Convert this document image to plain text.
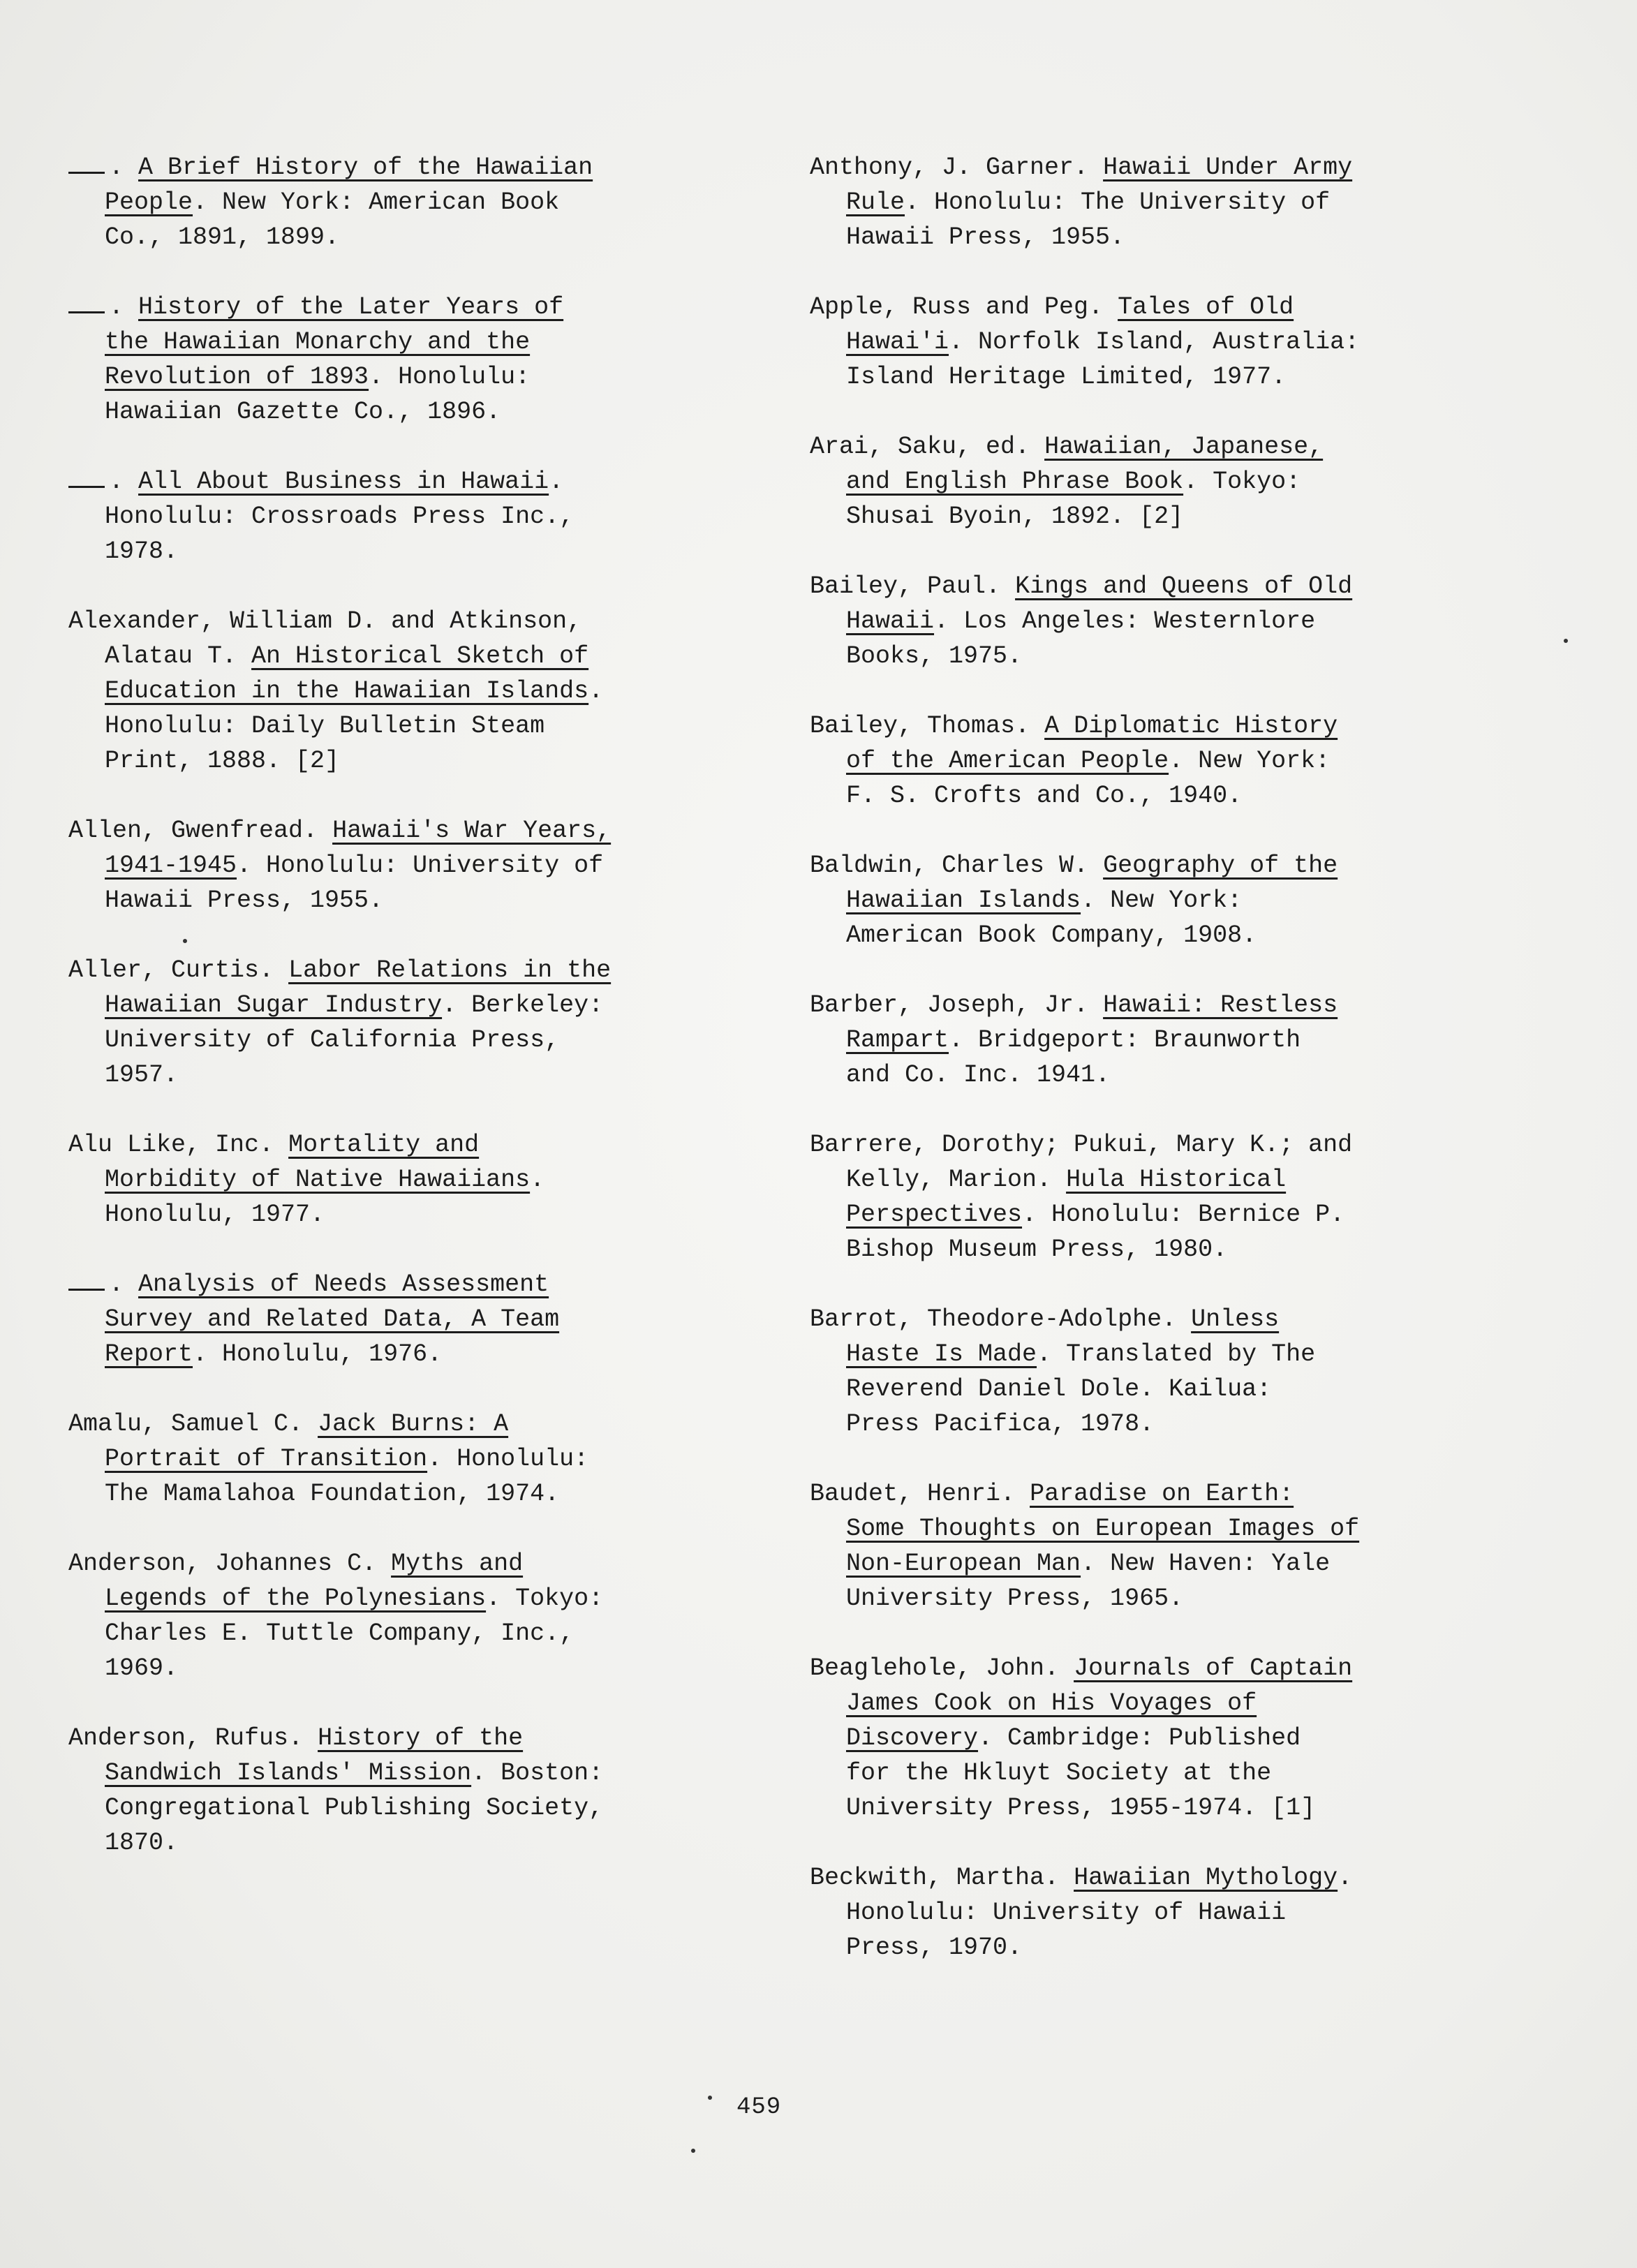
. A Brief History of the Hawaiian
People. New York: American Book
Co., 1891, 1899.
. History of the Later Years of
the Hawaiian Monarchy and the
Revolution of 1893. Honolulu:
Hawaiian Gazette Co., 1896.
. All About Business in Hawaii.
Honolulu: Crossroads Press Inc.,
1978.
Alexander, William D. and Atkinson,
Alatau T. An Historical Sketch of
Education in the Hawaiian Islands.
Honolulu: Daily Bulletin Steam
Print, 1888. [2]
Allen, Gwenfread. Hawaii's War Years,
1941-1945. Honolulu: University of
Hawaii Press, 1955.
Aller, Curtis. Labor Relations in the
Hawaiian Sugar Industry. Berkeley:
University of California Press,
1957.
Alu Like, Inc. Mortality and
Morbidity of Native Hawaiians.
Honolulu, 1977.
. Analysis of Needs Assessment
Survey and Related Data, A Team
Report. Honolulu, 1976.
Amalu, Samuel C. Jack Burns: A
Portrait of Transition. Honolulu:
The Mamalahoa Foundation, 1974.
Anderson, Johannes C. Myths and
Legends of the Polynesians. Tokyo:
Charles E. Tuttle Company, Inc.,
1969.
Anderson, Rufus. History of the
Sandwich Islands' Mission. Boston:
Congregational Publishing Society,
1870.
Anthony, J. Garner. Hawaii Under Army
Rule. Honolulu: The University of
Hawaii Press, 1955.
Apple, Russ and Peg. Tales of Old
Hawai'i. Norfolk Island, Australia:
Island Heritage Limited, 1977.
Arai, Saku, ed. Hawaiian, Japanese,
and English Phrase Book. Tokyo:
Shusai Byoin, 1892. [2]
Bailey, Paul. Kings and Queens of Old
Hawaii. Los Angeles: Westernlore
Books, 1975.
Bailey, Thomas. A Diplomatic History
of the American People. New York:
F. S. Crofts and Co., 1940.
Baldwin, Charles W. Geography of the
Hawaiian Islands. New York:
American Book Company, 1908.
Barber, Joseph, Jr. Hawaii: Restless
Rampart. Bridgeport: Braunworth
and Co. Inc. 1941.
Barrere, Dorothy; Pukui, Mary K.; and
Kelly, Marion. Hula Historical
Perspectives. Honolulu: Bernice P.
Bishop Museum Press, 1980.
Barrot, Theodore-Adolphe. Unless
Haste Is Made. Translated by The
Reverend Daniel Dole. Kailua:
Press Pacifica, 1978.
Baudet, Henri. Paradise on Earth:
Some Thoughts on European Images of
Non-European Man. New Haven: Yale
University Press, 1965.
Beaglehole, John. Journals of Captain
James Cook on His Voyages of
Discovery. Cambridge: Published
for the Hkluyt Society at the
University Press, 1955-1974. [1]
Beckwith, Martha. Hawaiian Mythology.
Honolulu: University of Hawaii
Press, 1970.
459
